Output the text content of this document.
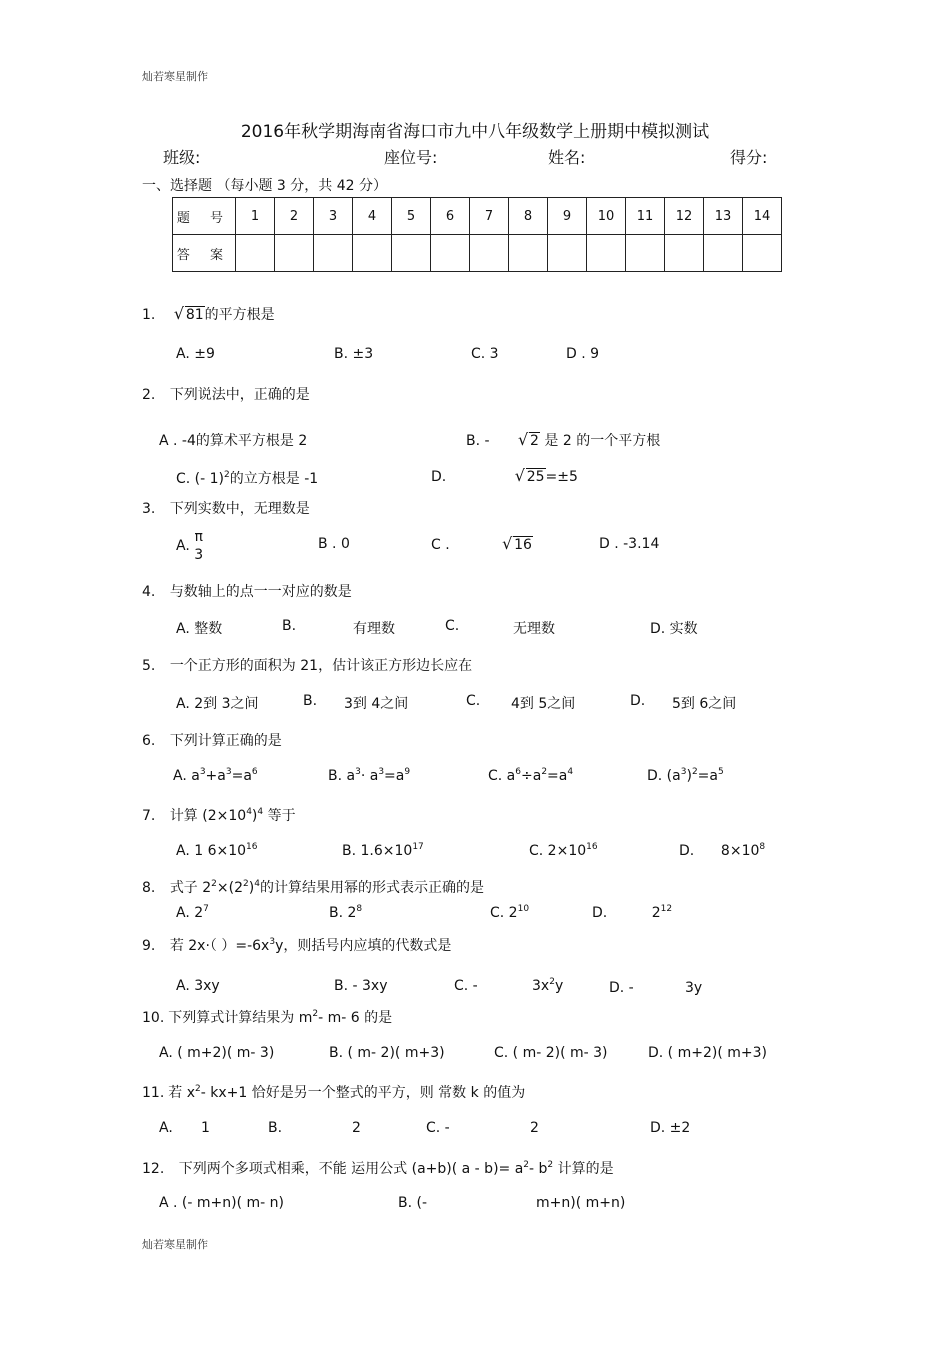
灿若寒星制作
2016年秋学期海南省海口市九中八年级数学上册期中模拟测试
班级:	座位号:	姓名:	得分:
一、选择题 （每小题 3 分，共 42 分）
题 号	1	2	3	4	5	6	7	8	9	10	11	12	13	14
答 案														
1. √ 81的平方根是
A. ±9	B. ±3	C. 3	D . 9
2. 下列说法中，正确的是
A . -4的算术平方根是 2	B. -	√ 2 是 2 的一个平方根
C. (- 1)$^2$的立方根是 -1	D.	√ 25=±5
3. 下列实数中，无理数是
A.
π
3
B . 0	C .	√ 16	D . -3.14
4. 与数轴上的点一一对应的数是
A. 整数	B.	有理数	C.	无理数	D. 实数
5. 一个正方形的面积为 21，估计该正方形边长应在
A. 2到 3之间	B. 3到 4之间	C. 4到 5之间	D. 5到 6之间
6. 下列计算正确的是
A. $a^3+a^3=a^6$	B. $a^3\cdot a^3=a^9$	C. $a^6\div a^2=a^4$	D. $(a^3)^2=a^5$
7. 计算 $(2\times 10^4)^4$ 等于
A. 1 $6\times 10^{16}$	B. $1.6\times 10^{17}$	C. $2\times 10^{16}$	D.      $8\times 10^8$
8. 式子 $2^2\times(2^2)^4$的计算结果用幂的形式表示正确的是
A. $2^7$	B. $2^8$	C. $2^{10}$	D.          $2^{12}$
9. 若 2x·（ ）$=-6x^3y$，则括号内应填的代数式是
A. 3xy	B. - 3xy	C. -	$3x^2y$	D. -	3y
10. 下列算式计算结果为 $m^2-$ m- 6 的是
A. ( m+2)( m- 3)	B. ( m- 2)( m+3)	C. ( m- 2)( m- 3)	D. ( m+2)( m+3)
11. 若 $x^2-$ kx+1 恰好是另一个整式的平方，则 常数 k 的值为
A. 1	B.	2	C. -	2	D. ±2
12. 下列两个多项式相乘，不能 运用公式 (a+b)( $a - b)= a^2-$ $b^2$ 计算的是
A . (- m+n)( m- n)	B. (-	m+n)( m+n)
灿若寒星制作
